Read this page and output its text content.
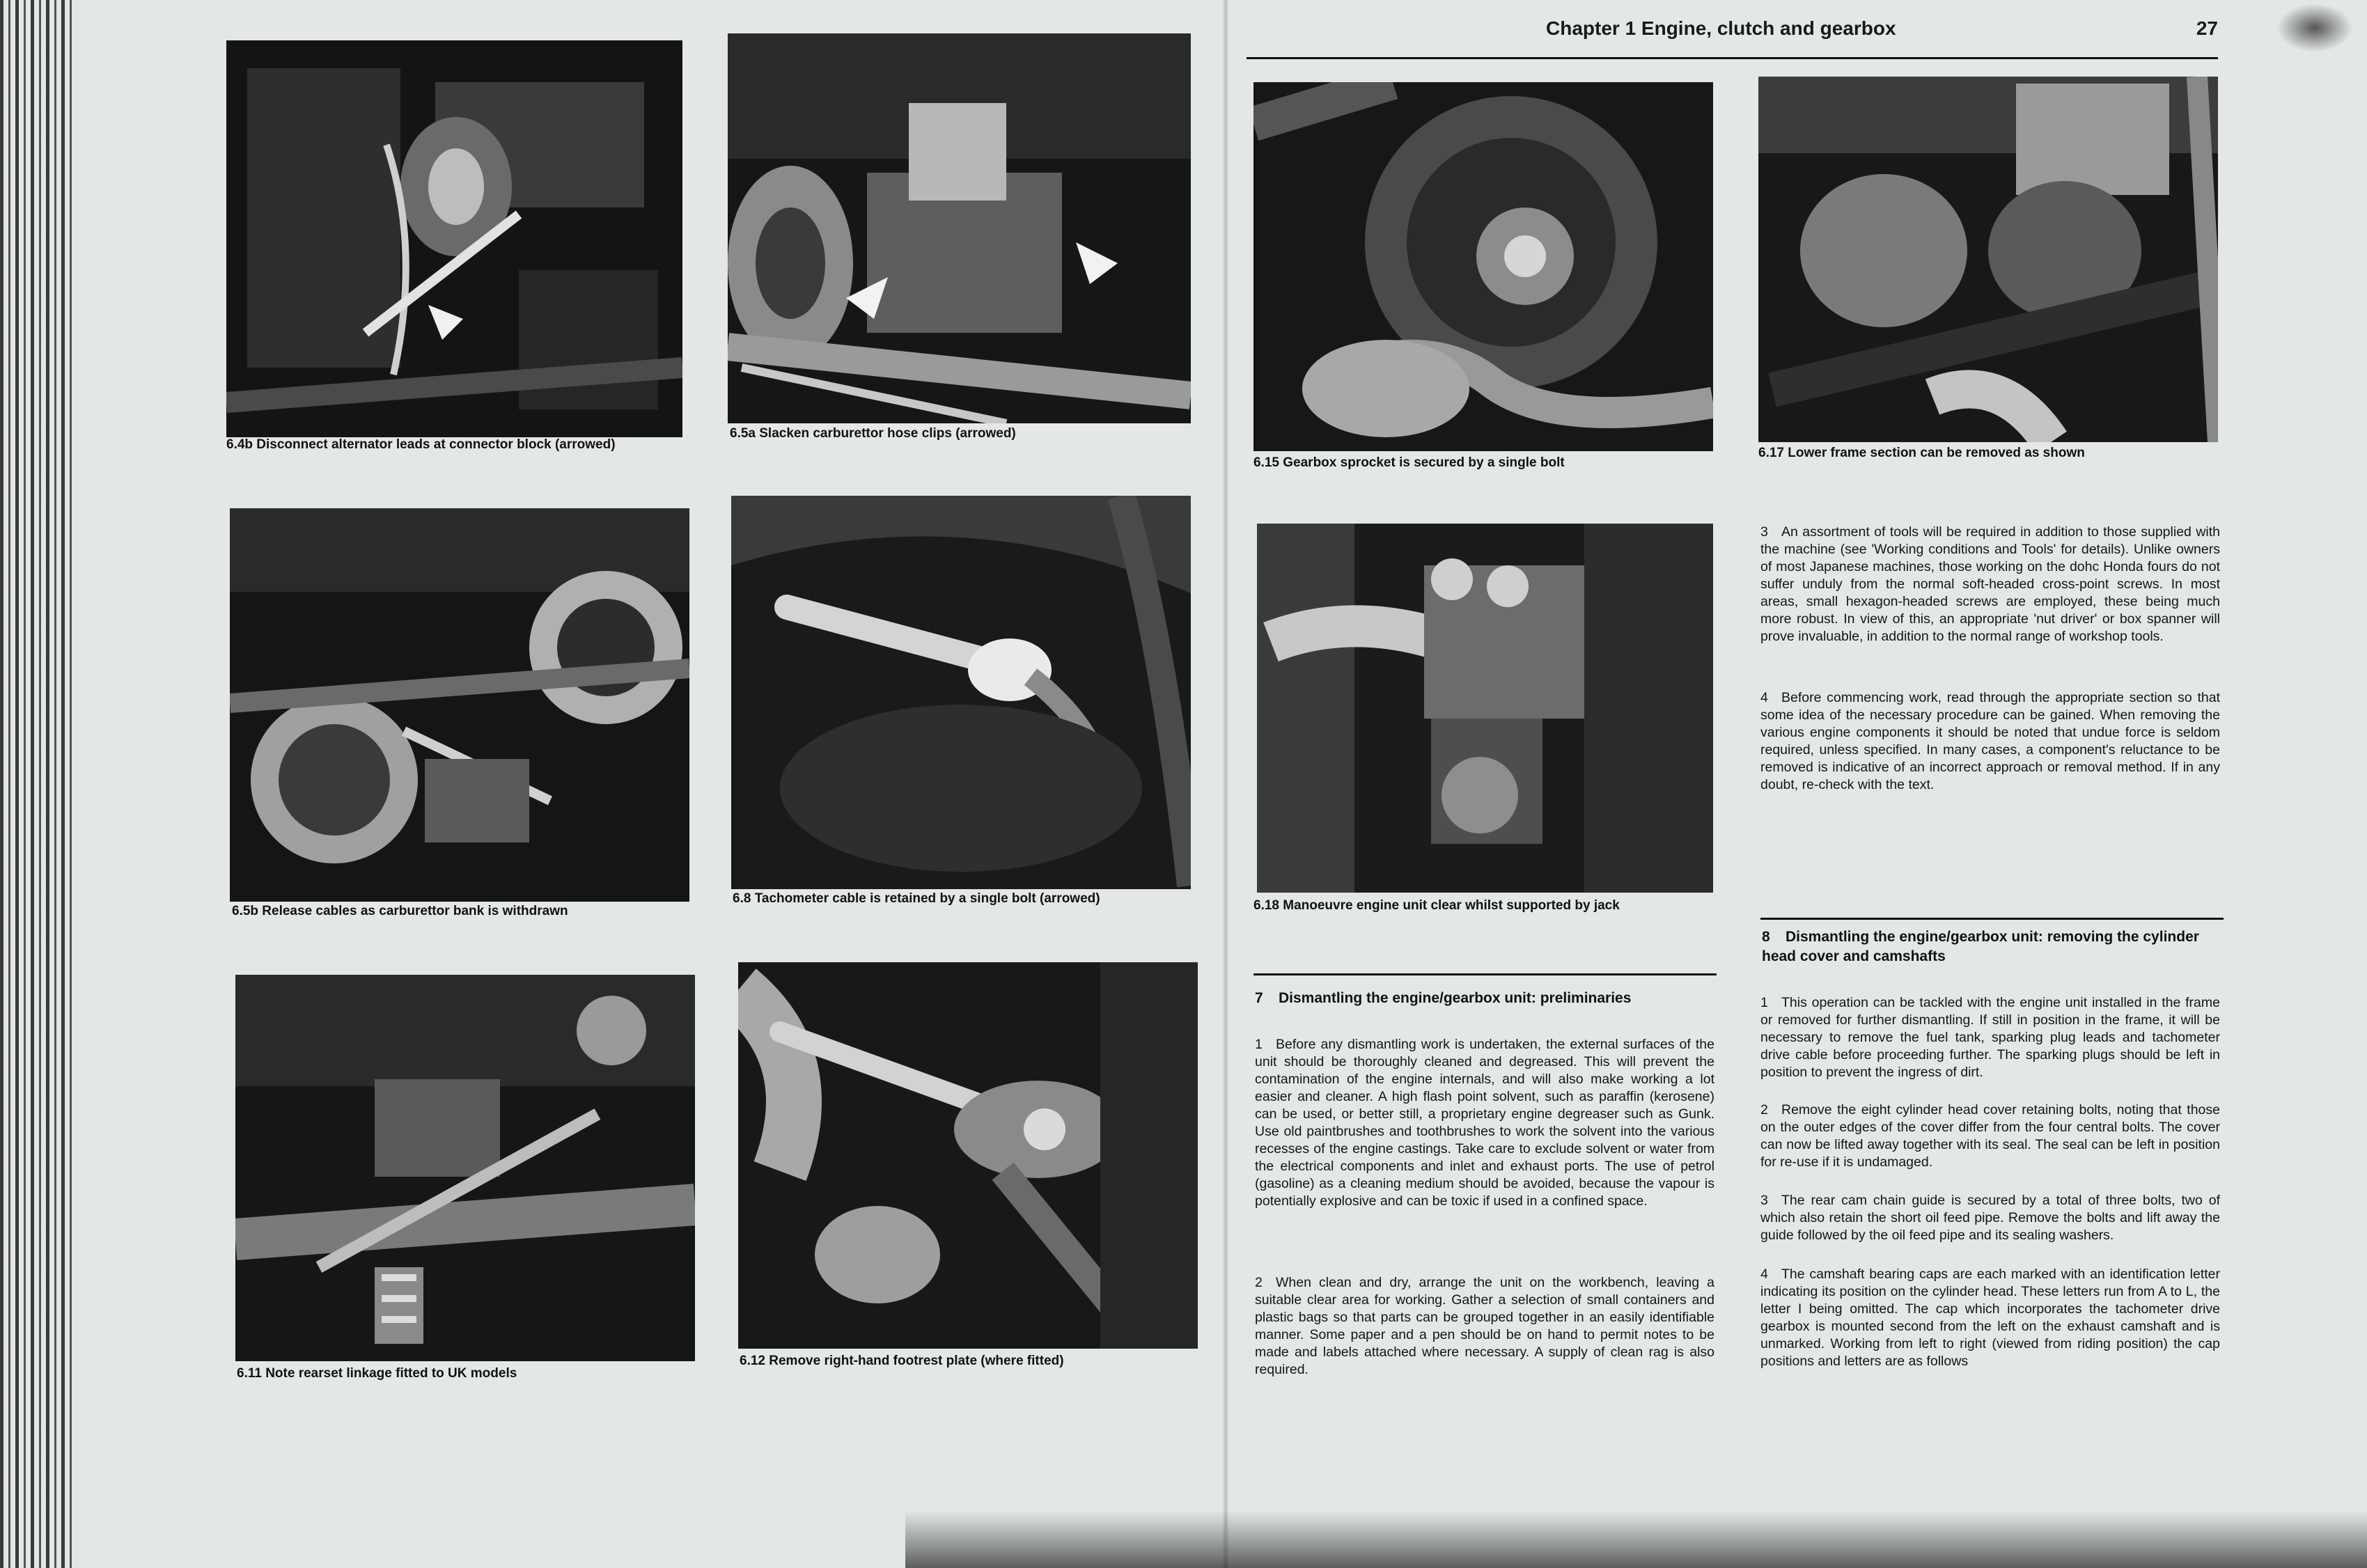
Chapter 1 Engine, clutch and gearbox	27
6.4b Disconnect alternator leads at connector block (arrowed)
6.5a Slacken carburettor hose clips (arrowed)
6.15 Gearbox sprocket is secured by a single bolt
6.17 Lower frame section can be removed as shown
6.5b Release cables as carburettor bank is withdrawn
6.8 Tachometer cable is retained by a single bolt (arrowed)	6.18 Manoeuvre engine unit clear whilst supported by jack
6.11 Note rearset linkage fitted to UK models
6.12 Remove right-hand footrest plate (where fitted)
3 An assortment of tools will be required in addition to those supplied with the machine (see 'Working conditions and Tools' for details). Unlike owners of most Japanese machines, those working on the dohc Honda fours do not suffer unduly from the normal soft-headed cross-point screws. In most areas, small hexagon-headed screws are employed, these being much more robust. In view of this, an appropriate 'nut driver' or box spanner will prove invaluable, in addition to the normal range of workshop tools.
4 Before commencing work, read through the appropriate section so that some idea of the necessary procedure can be gained. When removing the various engine components it should be noted that undue force is seldom required, unless specified. In many cases, a component's reluctance to be removed is indicative of an incorrect approach or removal method. If in any doubt, re-check with the text.
7 Dismantling the engine/gearbox unit: preliminaries
1 Before any dismantling work is undertaken, the external surfaces of the unit should be thoroughly cleaned and degreased. This will prevent the contamination of the engine internals, and will also make working a lot easier and cleaner. A high flash point solvent, such as paraffin (kerosene) can be used, or better still, a proprietary engine degreaser such as Gunk. Use old paintbrushes and toothbrushes to work the solvent into the various recesses of the engine castings. Take care to exclude solvent or water from the electrical components and inlet and exhaust ports. The use of petrol (gasoline) as a cleaning medium should be avoided, because the vapour is potentially explosive and can be toxic if used in a confined space.
2 When clean and dry, arrange the unit on the workbench, leaving a suitable clear area for working. Gather a selection of small containers and plastic bags so that parts can be grouped together in an easily identifiable manner. Some paper and a pen should be on hand to permit notes to be made and labels attached where necessary. A supply of clean rag is also required.
8 Dismantling the engine/gearbox unit: removing the cylinder head cover and camshafts
1 This operation can be tackled with the engine unit installed in the frame or removed for further dismantling. If still in position in the frame, it will be necessary to remove the fuel tank, sparking plug leads and tachometer drive cable before proceeding further. The sparking plugs should be left in position to prevent the ingress of dirt.
2 Remove the eight cylinder head cover retaining bolts, noting that those on the outer edges of the cover differ from the four central bolts. The cover can now be lifted away together with its seal. The seal can be left in position for re-use if it is undamaged.
3 The rear cam chain guide is secured by a total of three bolts, two of which also retain the short oil feed pipe. Remove the bolts and lift away the guide followed by the oil feed pipe and its sealing washers.
4 The camshaft bearing caps are each marked with an identification letter indicating its position on the cylinder head. These letters run from A to L, the letter I being omitted. The cap which incorporates the tachometer drive gearbox is mounted second from the left on the exhaust camshaft and is unmarked. Working from left to right (viewed from riding position) the cap positions and letters are as follows
